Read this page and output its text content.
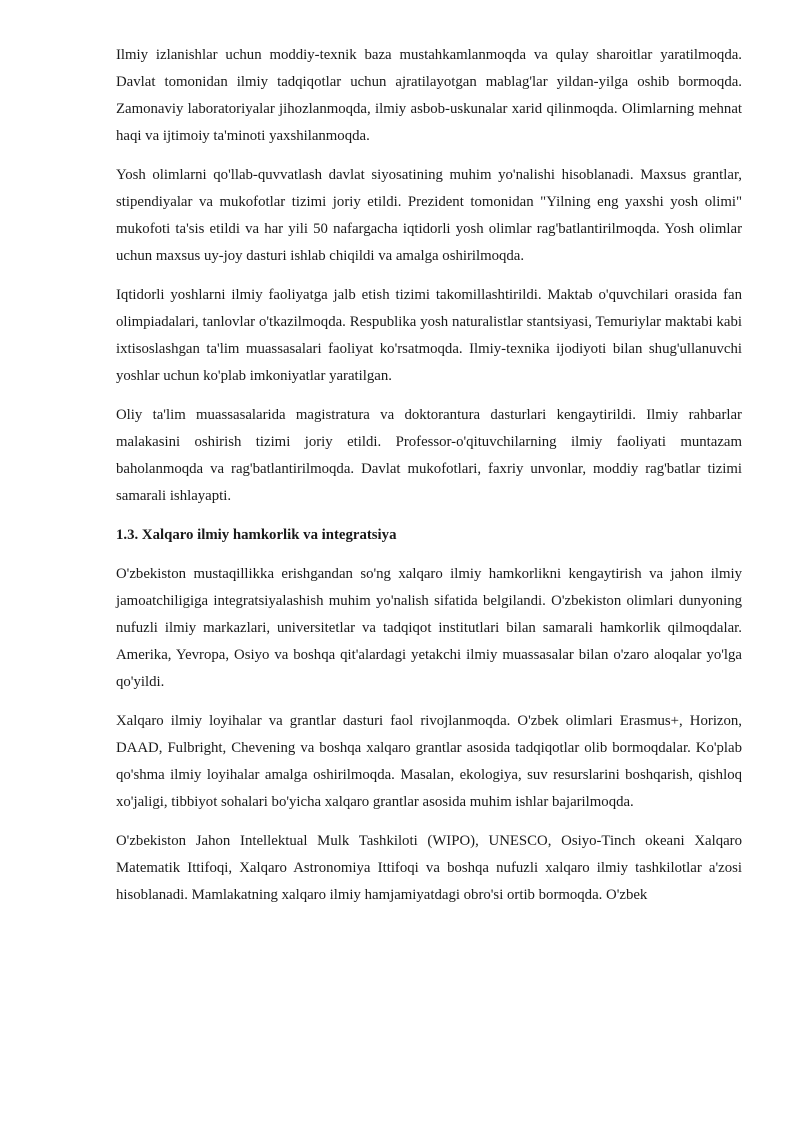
Ilmiy izlanishlar uchun moddiy-texnik baza mustahkamlanmoqda va qulay sharoitlar yaratilmoqda. Davlat tomonidan ilmiy tadqiqotlar uchun ajratilayotgan mablag'lar yildan-yilga oshib bormoqda. Zamonaviy laboratoriyalar jihozlanmoqda, ilmiy asbob-uskunalar xarid qilinmoqda. Olimlarning mehnat haqi va ijtimoiy ta'minoti yaxshilanmoqda.

Yosh olimlarni qo'llab-quvvatlash davlat siyosatining muhim yo'nalishi hisoblanadi. Maxsus grantlar, stipendiyalar va mukofotlar tizimi joriy etildi. Prezident tomonidan "Yilning eng yaxshi yosh olimi" mukofoti ta'sis etildi va har yili 50 nafargacha iqtidorli yosh olimlar rag'batlantirilmoqda. Yosh olimlar uchun maxsus uy-joy dasturi ishlab chiqildi va amalga oshirilmoqda.

Iqtidorli yoshlarni ilmiy faoliyatga jalb etish tizimi takomillashtirildi. Maktab o'quvchilari orasida fan olimpiadalari, tanlovlar o'tkazilmoqda. Respublika yosh naturalistlar stantsiyasi, Temuriylar maktabi kabi ixtisoslashgan ta'lim muassasalari faoliyat ko'rsatmoqda. Ilmiy-texnika ijodiyoti bilan shug'ullanuvchi yoshlar uchun ko'plab imkoniyatlar yaratilgan.

Oliy ta'lim muassasalarida magistratura va doktorantura dasturlari kengaytirildi. Ilmiy rahbarlar malakasini oshirish tizimi joriy etildi. Professor-o'qituvchilarning ilmiy faoliyati muntazam baholanmoqda va rag'batlantirilmoqda. Davlat mukofotlari, faxriy unvonlar, moddiy rag'batlar tizimi samarali ishlayapti.

1.3. Xalqaro ilmiy hamkorlik va integratsiya

O'zbekiston mustaqillikka erishgandan so'ng xalqaro ilmiy hamkorlikni kengaytirish va jahon ilmiy jamoatchiligiga integratsiyalashish muhim yo'nalish sifatida belgilandi. O'zbekiston olimlari dunyoning nufuzli ilmiy markazlari, universitetlar va tadqiqot institutlari bilan samarali hamkorlik qilmoqdalar. Amerika, Yevropa, Osiyo va boshqa qit'alardagi yetakchi ilmiy muassasalar bilan o'zaro aloqalar yo'lga qo'yildi.

Xalqaro ilmiy loyihalar va grantlar dasturi faol rivojlanmoqda. O'zbek olimlari Erasmus+, Horizon, DAAD, Fulbright, Chevening va boshqa xalqaro grantlar asosida tadqiqotlar olib bormoqdalar. Ko'plab qo'shma ilmiy loyihalar amalga oshirilmoqda. Masalan, ekologiya, suv resurslarini boshqarish, qishloq xo'jaligi, tibbiyot sohalari bo'yicha xalqaro grantlar asosida muhim ishlar bajarilmoqda.

O'zbekiston Jahon Intellektual Mulk Tashkiloti (WIPO), UNESCO, Osiyo-Tinch okeani Xalqaro Matematik Ittifoqi, Xalqaro Astronomiya Ittifoqi va boshqa nufuzli xalqaro ilmiy tashkilotlar a'zosi hisoblanadi. Mamlakatning xalqaro ilmiy hamjamiyatdagi obro'si ortib bormoqda. O'zbek
